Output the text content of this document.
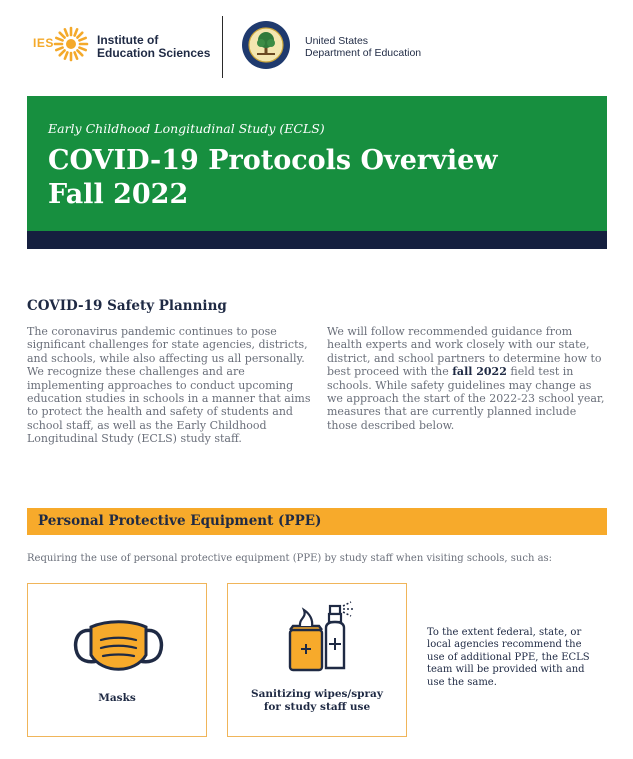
IES	Institute of
Education Sciences
United States
Department of Education
Early Childhood Longitudinal Study (ECLS)
COVID-19 Protocols Overview
Fall 2022
COVID-19 Safety Planning
The coronavirus pandemic continues to pose significant challenges for state agencies, districts, and schools, while also affecting us all personally. We recognize these challenges and are implementing approaches to conduct upcoming education studies in schools in a manner that aims to protect the health and safety of students and school staff, as well as the Early Childhood Longitudinal Study (ECLS) study staff.
We will follow recommended guidance from health experts and work closely with our state, district, and school partners to determine how to best proceed with the fall 2022 field test in schools. While safety guidelines may change as we approach the start of the 2022-23 school year, measures that are currently planned include those described below.
Personal Protective Equipment (PPE)
Requiring the use of personal protective equipment (PPE) by study staff when visiting schools, such as:
Masks	Sanitizing wipes/spray
for study staff use
To the extent federal, state, or local agencies recommend the use of additional PPE, the ECLS team will be provided with and use the same.
